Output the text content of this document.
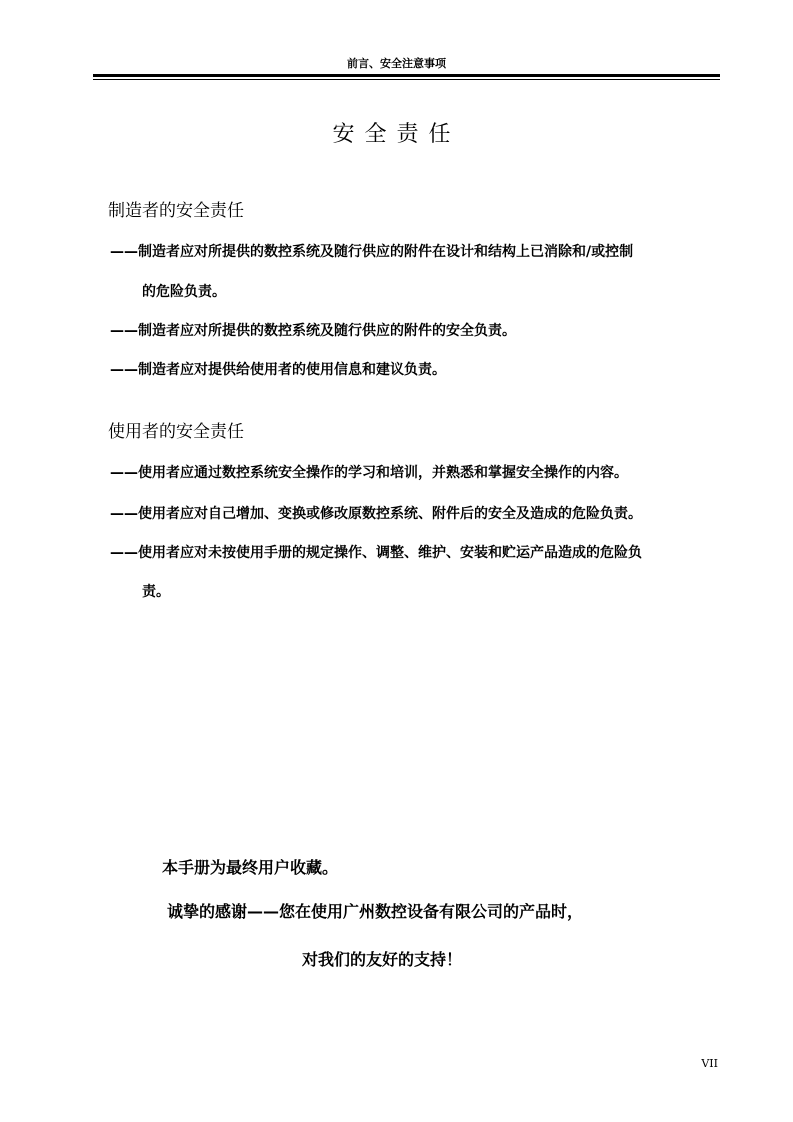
前言、安全注意事项
安全责任
制造者的安全责任
——制造者应对所提供的数控系统及随行供应的附件在设计和结构上已消除和/或控制
的危险负责。
——制造者应对所提供的数控系统及随行供应的附件的安全负责。
——制造者应对提供给使用者的使用信息和建议负责。
使用者的安全责任
——使用者应通过数控系统安全操作的学习和培训，并熟悉和掌握安全操作的内容。
——使用者应对自己增加、变换或修改原数控系统、附件后的安全及造成的危险负责。
——使用者应对未按使用手册的规定操作、调整、维护、安装和贮运产品造成的危险负
责。
本手册为最终用户收藏。
诚挚的感谢——您在使用广州数控设备有限公司的产品时，
对我们的友好的支持！
VII
